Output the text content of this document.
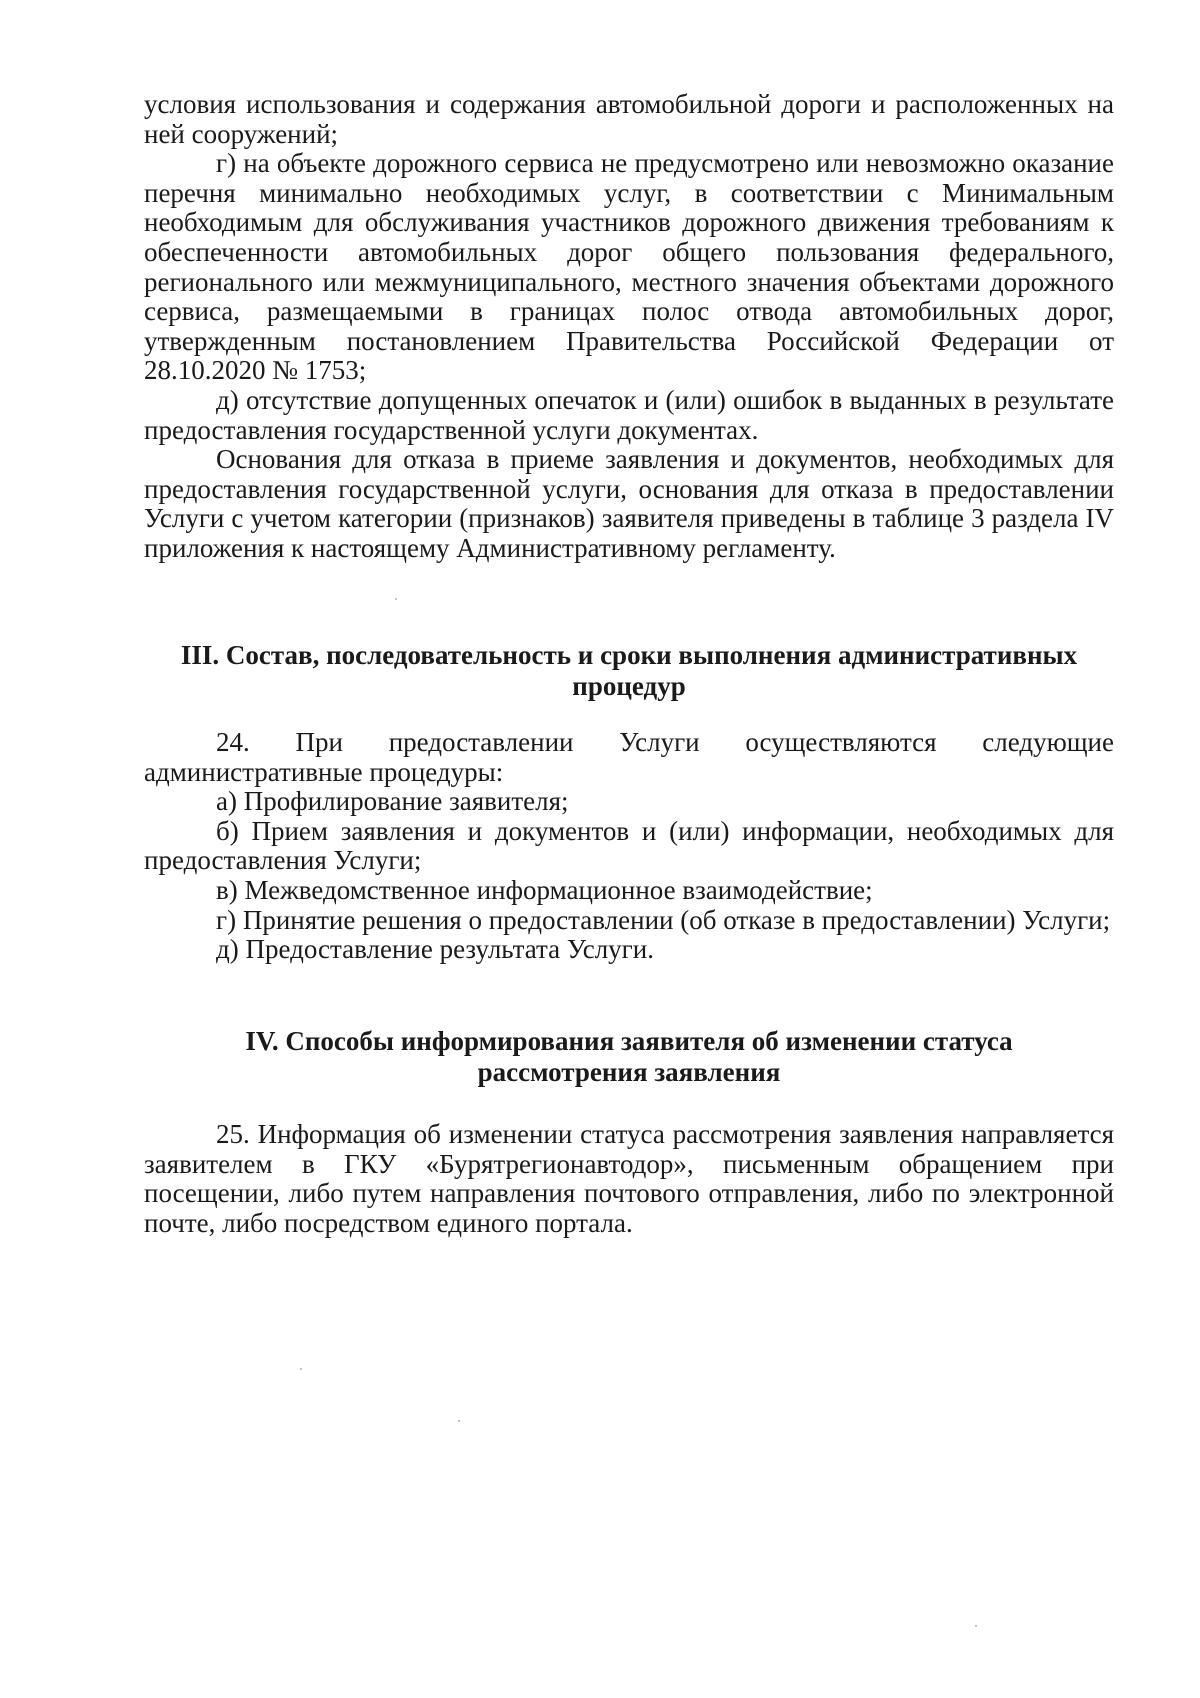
условия использования и содержания автомобильной дороги и расположенных на ней сооружений;

г) на объекте дорожного сервиса не предусмотрено или невозможно оказание перечня минимально необходимых услуг, в соответствии с Минимальным необходимым для обслуживания участников дорожного движения требованиям к обеспеченности автомобильных дорог общего пользования федерального, регионального или межмуниципального, местного значения объектами дорожного сервиса, размещаемыми в границах полос отвода автомобильных дорог, утвержденным постановлением Правительства Российской Федерации от 28.10.2020 № 1753;

д) отсутствие допущенных опечаток и (или) ошибок в выданных в результате предоставления государственной услуги документах.

Основания для отказа в приеме заявления и документов, необходимых для предоставления государственной услуги, основания для отказа в предоставлении Услуги с учетом категории (признаков) заявителя приведены в таблице 3 раздела IV приложения к настоящему Административному регламенту.

III. Состав, последовательность и сроки выполнения административных
процедур
24. При предоставлении Услуги осуществляются следующие

административные процедуры:

а) Профилирование заявителя;

б) Прием заявления и документов и (или) информации, необходимых для предоставления Услуги;

в) Межведомственное информационное взаимодействие;

г) Принятие решения о предоставлении (об отказе в предоставлении) Услуги;

д) Предоставление результата Услуги.

IV. Способы информирования заявителя об изменении статуса
рассмотрения заявления

25. Информация об изменении статуса рассмотрения заявления направляется заявителем в ГКУ «Бурятрегионавтодор», письменным обращением при посещении, либо путем направления почтового отправления, либо по электронной почте, либо посредством единого портала.
